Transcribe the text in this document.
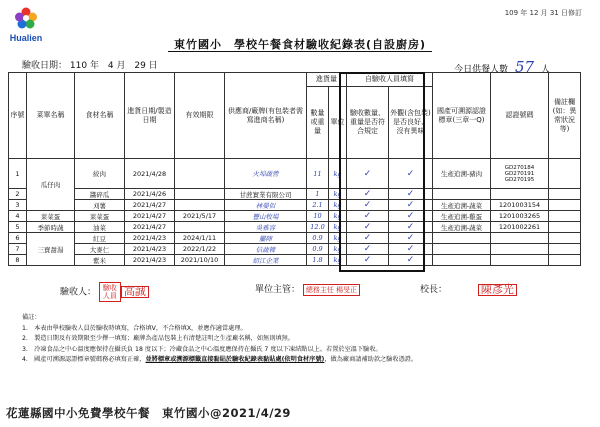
Hualien
109 年 12 月 31 日修訂
東竹國小　學校午餐食材驗收紀錄表(自設廚房)
驗收日期： 110 年 4 月 29 日	今日供餐人數 57 人
序號	菜單名稱	食材名稱	進貨日期/製造日期	有效期限	供應商/廠牌(有包裝者需寫進商名稱)	進貨量		自驗收人員填寫		國產可溯源認證標章(三章一Q)	認證號碼	備註欄(如：異常狀況等)
						數量或重量	單位	驗收數量、重量是否符合規定	外觀(含包裝)是否良好、沒有異味			
1	瓜仔肉	絞肉	2021/4/28		火埠蔬營	11	kg	✓	✓	生產追溯-豬肉	GD270184 GD270191 GD270195	
2		醬碎瓜	2021/4/26		甘蔗實業有限公司	1	kg	✓	✓			
3		刈薯	2021/4/27		林晏似	2.1	kg	✓	✓	生產追溯-蔬菜	1201003154	
4	莱菜蛋	莱菜蛋	2021/4/27	2021/5/17	豐山牧場	10	kg	✓	✓	生產追溯-雞蛋	1201003265	
5	季節時蔬	油菜	2021/4/27		吳雅容	12.0	kg	✓	✓	生產追溯-蔬菜	1201002261	
6	三寶甜湯	紅豆	2021/4/23	2024/1/11	屬陣	0.9	kg	✓	✓			
7		大麥仁	2021/4/23	2022/1/22	信蔬韓	0.9	kg	✓	✓			
8		紫米	2021/4/23	2021/10/10	紹江企業	1.8	kg	✓	✓			
驗收人： 驗收 人員 高誠	單位主管： 總務主任 楊旻正	校長：	陳彥光
備註：
1.　本表由學校驗收人員於驗收時填寫，合格填V，不合格填X，並應作適當處理。
2.　製造日期及有效期限至少擇一填寫；廠牌為產品包裝上有清楚註明之生產廠名稱，如無則填無。
3.　冷凍食品之中心溫度應保持在攝氏負 18 度以下；冷藏食品之中心溫度應保持在攝氏 7 度以下凍結點以上。若置於室溫下驗收。
4.　國產可溯源認證標章號碼務必填寫正確，並將標章或溯源標籤直接黏貼於驗收紀錄表黏貼處(依明食材序號)，做為廠商請補助款之驗收憑證。
花蓮縣國中小免費學校午餐　東竹國小@2021/4/29
